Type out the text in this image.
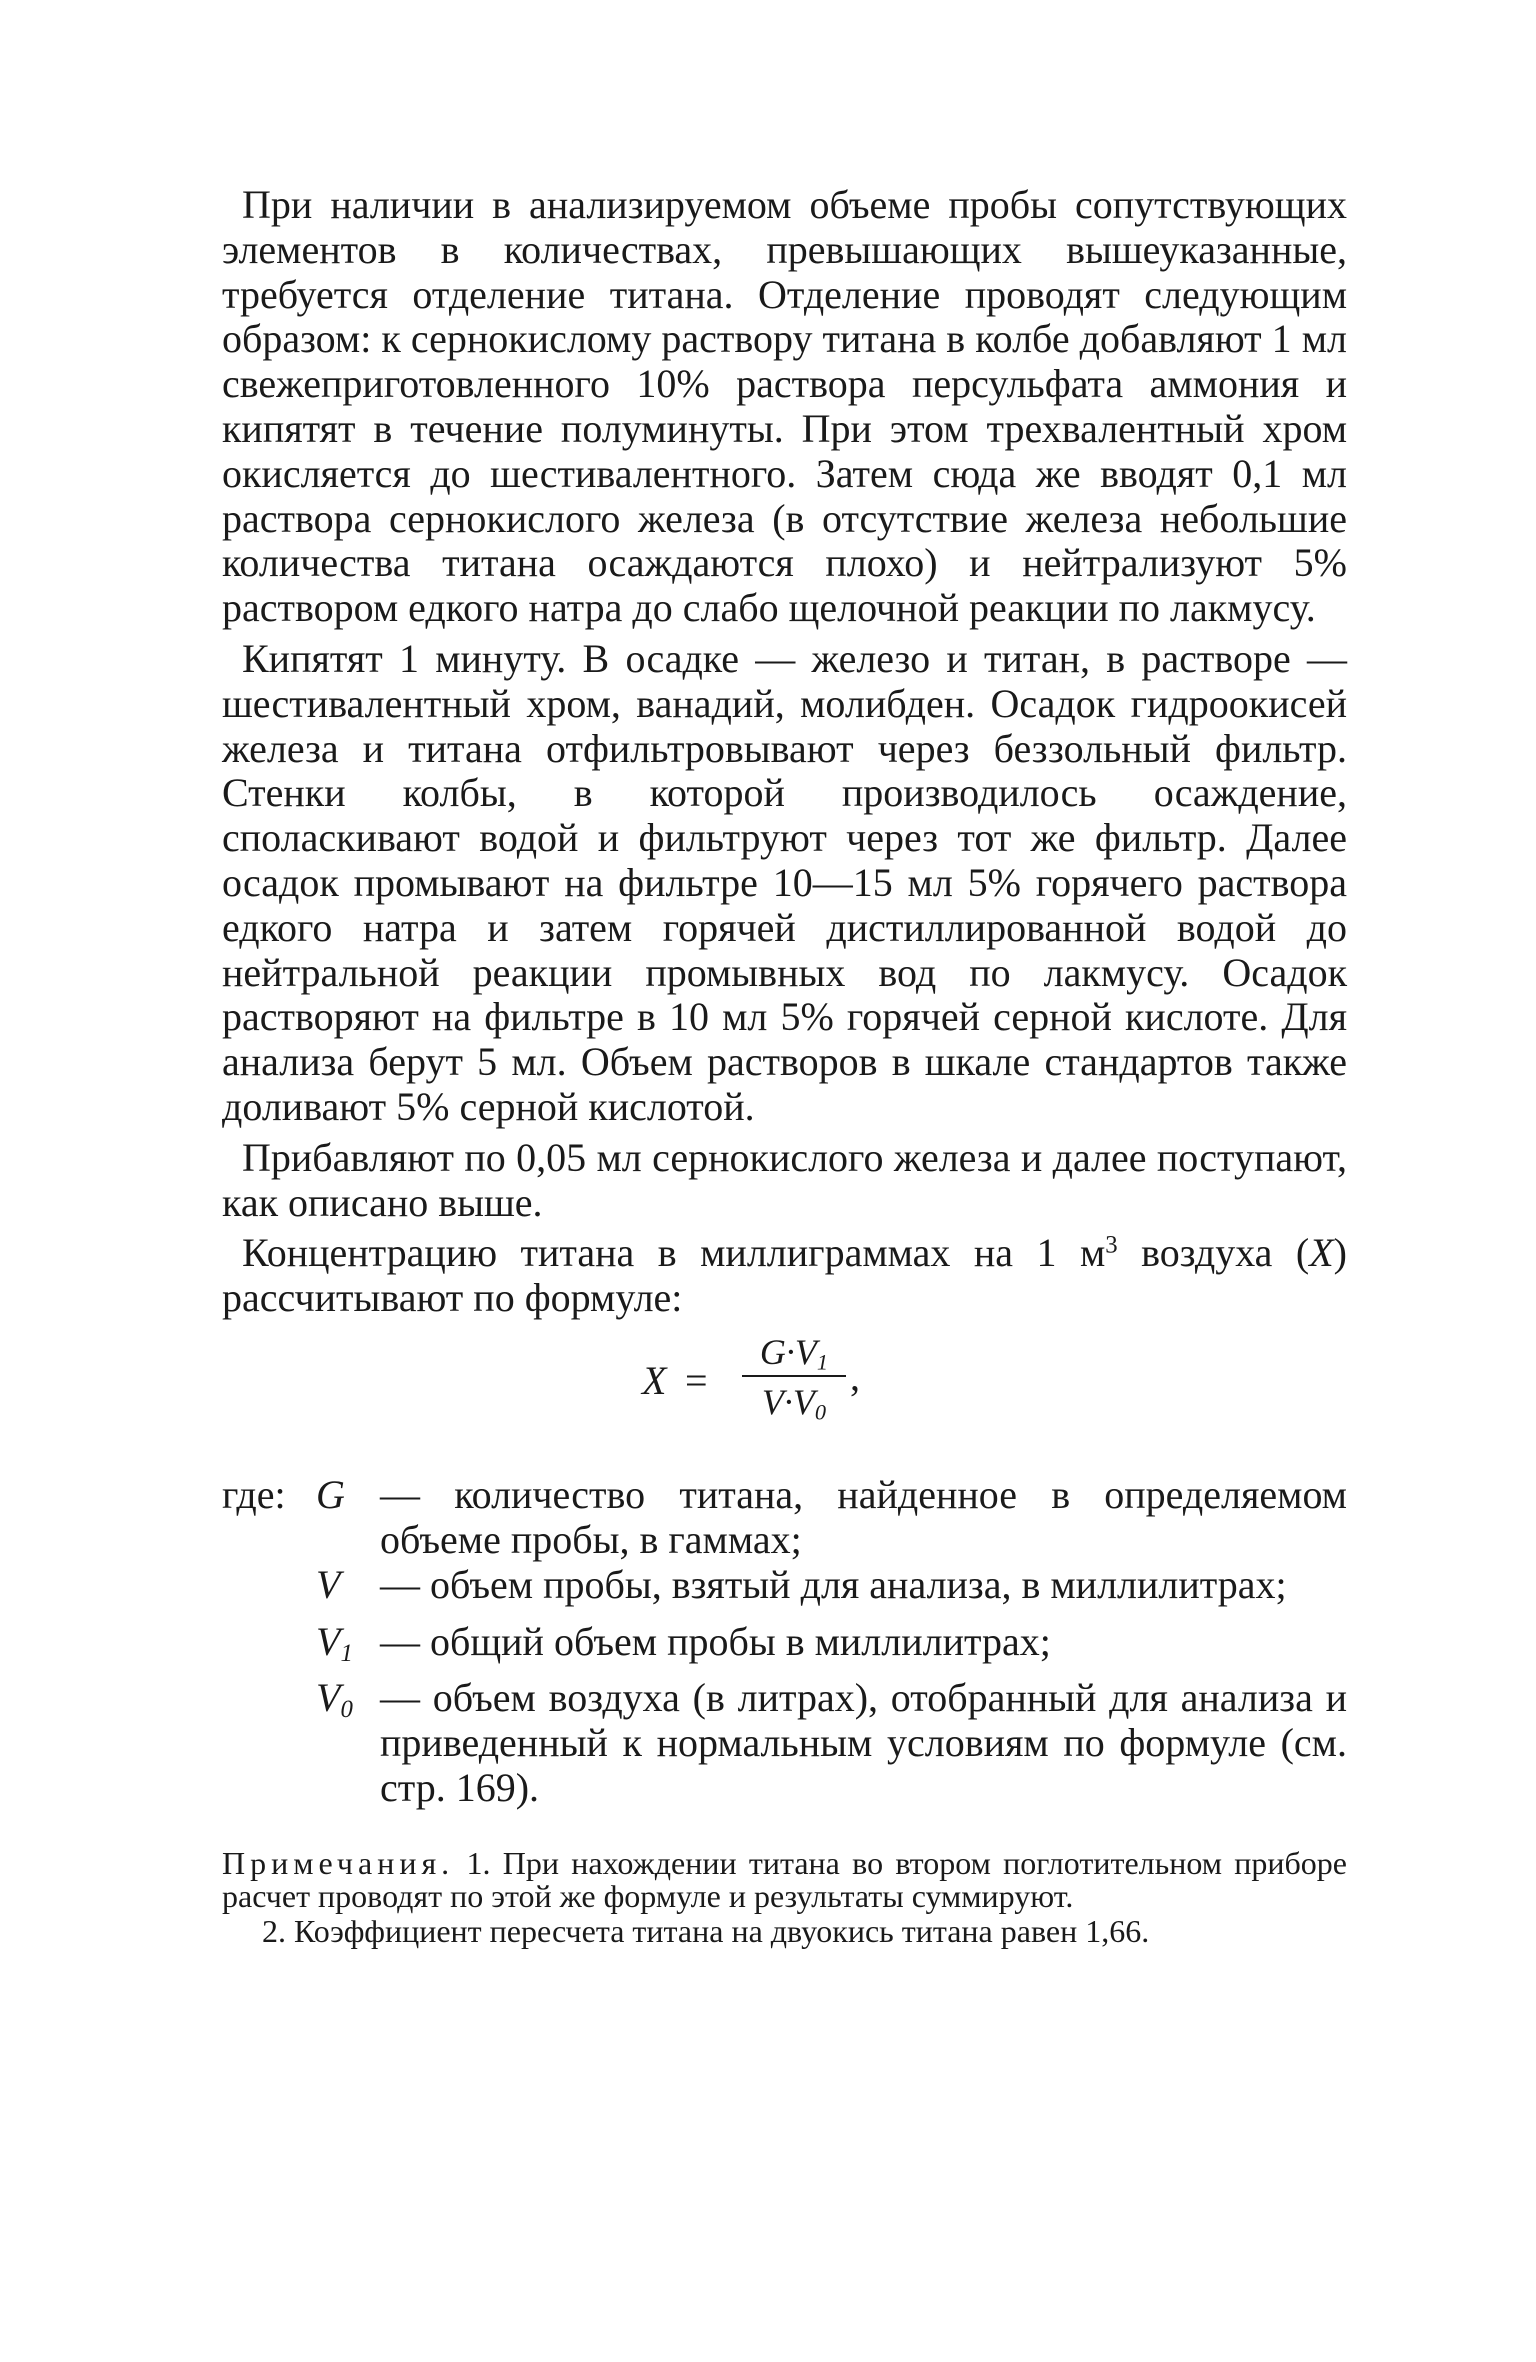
При наличии в анализируемом объеме пробы сопутствующих элементов в количествах, превышающих вышеуказанные, требуется отделение титана. Отделение проводят следующим образом: к сернокислому раствору титана в колбе добавляют 1 мл свежеприготовленного 10% раствора персульфата аммония и кипятят в течение полуминуты. При этом трехвалентный хром окисляется до шестивалентного. Затем сюда же вводят 0,1 мл раствора сернокислого железа (в отсутствие железа небольшие количества титана осаждаются плохо) и нейтрализуют 5% раствором едкого натра до слабо щелочной реакции по лакмусу.

Кипятят 1 минуту. В осадке — железо и титан, в растворе — шестивалентный хром, ванадий, молибден. Осадок гидроокисей железа и титана отфильтровывают через беззольный фильтр. Стенки колбы, в которой производилось осаждение, споласкивают водой и фильтруют через тот же фильтр. Далее осадок промывают на фильтре 10—15 мл 5% горячего раствора едкого натра и затем горячей дистиллированной водой до нейтральной реакции промывных вод по лакмусу. Осадок растворяют на фильтре в 10 мл 5% горячей серной кислоте. Для анализа берут 5 мл. Объем растворов в шкале стандартов также доливают 5% серной кислотой.

Прибавляют по 0,05 мл сернокислого железа и далее поступают, как описано выше.

Концентрацию титана в миллиграммах на 1 $м^3$ воздуха (X) рассчитывают по формуле:

X =
$G\cdot V_1$
$V\cdot V_0$
,
где: G — количество титана, найденное в определяемом объеме пробы, в гаммах;
V — объем пробы, взятый для анализа, в миллилитрах;
$V_1$ — общий объем пробы в миллилитрах;
$V_0$ — объем воздуха (в литрах), отобранный для анализа и приведенный к нормальным условиям по формуле (см. стр. 169).

Примечания. 1. При нахождении титана во втором поглотительном приборе расчет проводят по этой же формуле и результаты суммируют.

2. Коэффициент пересчета титана на двуокись титана равен 1,66.
